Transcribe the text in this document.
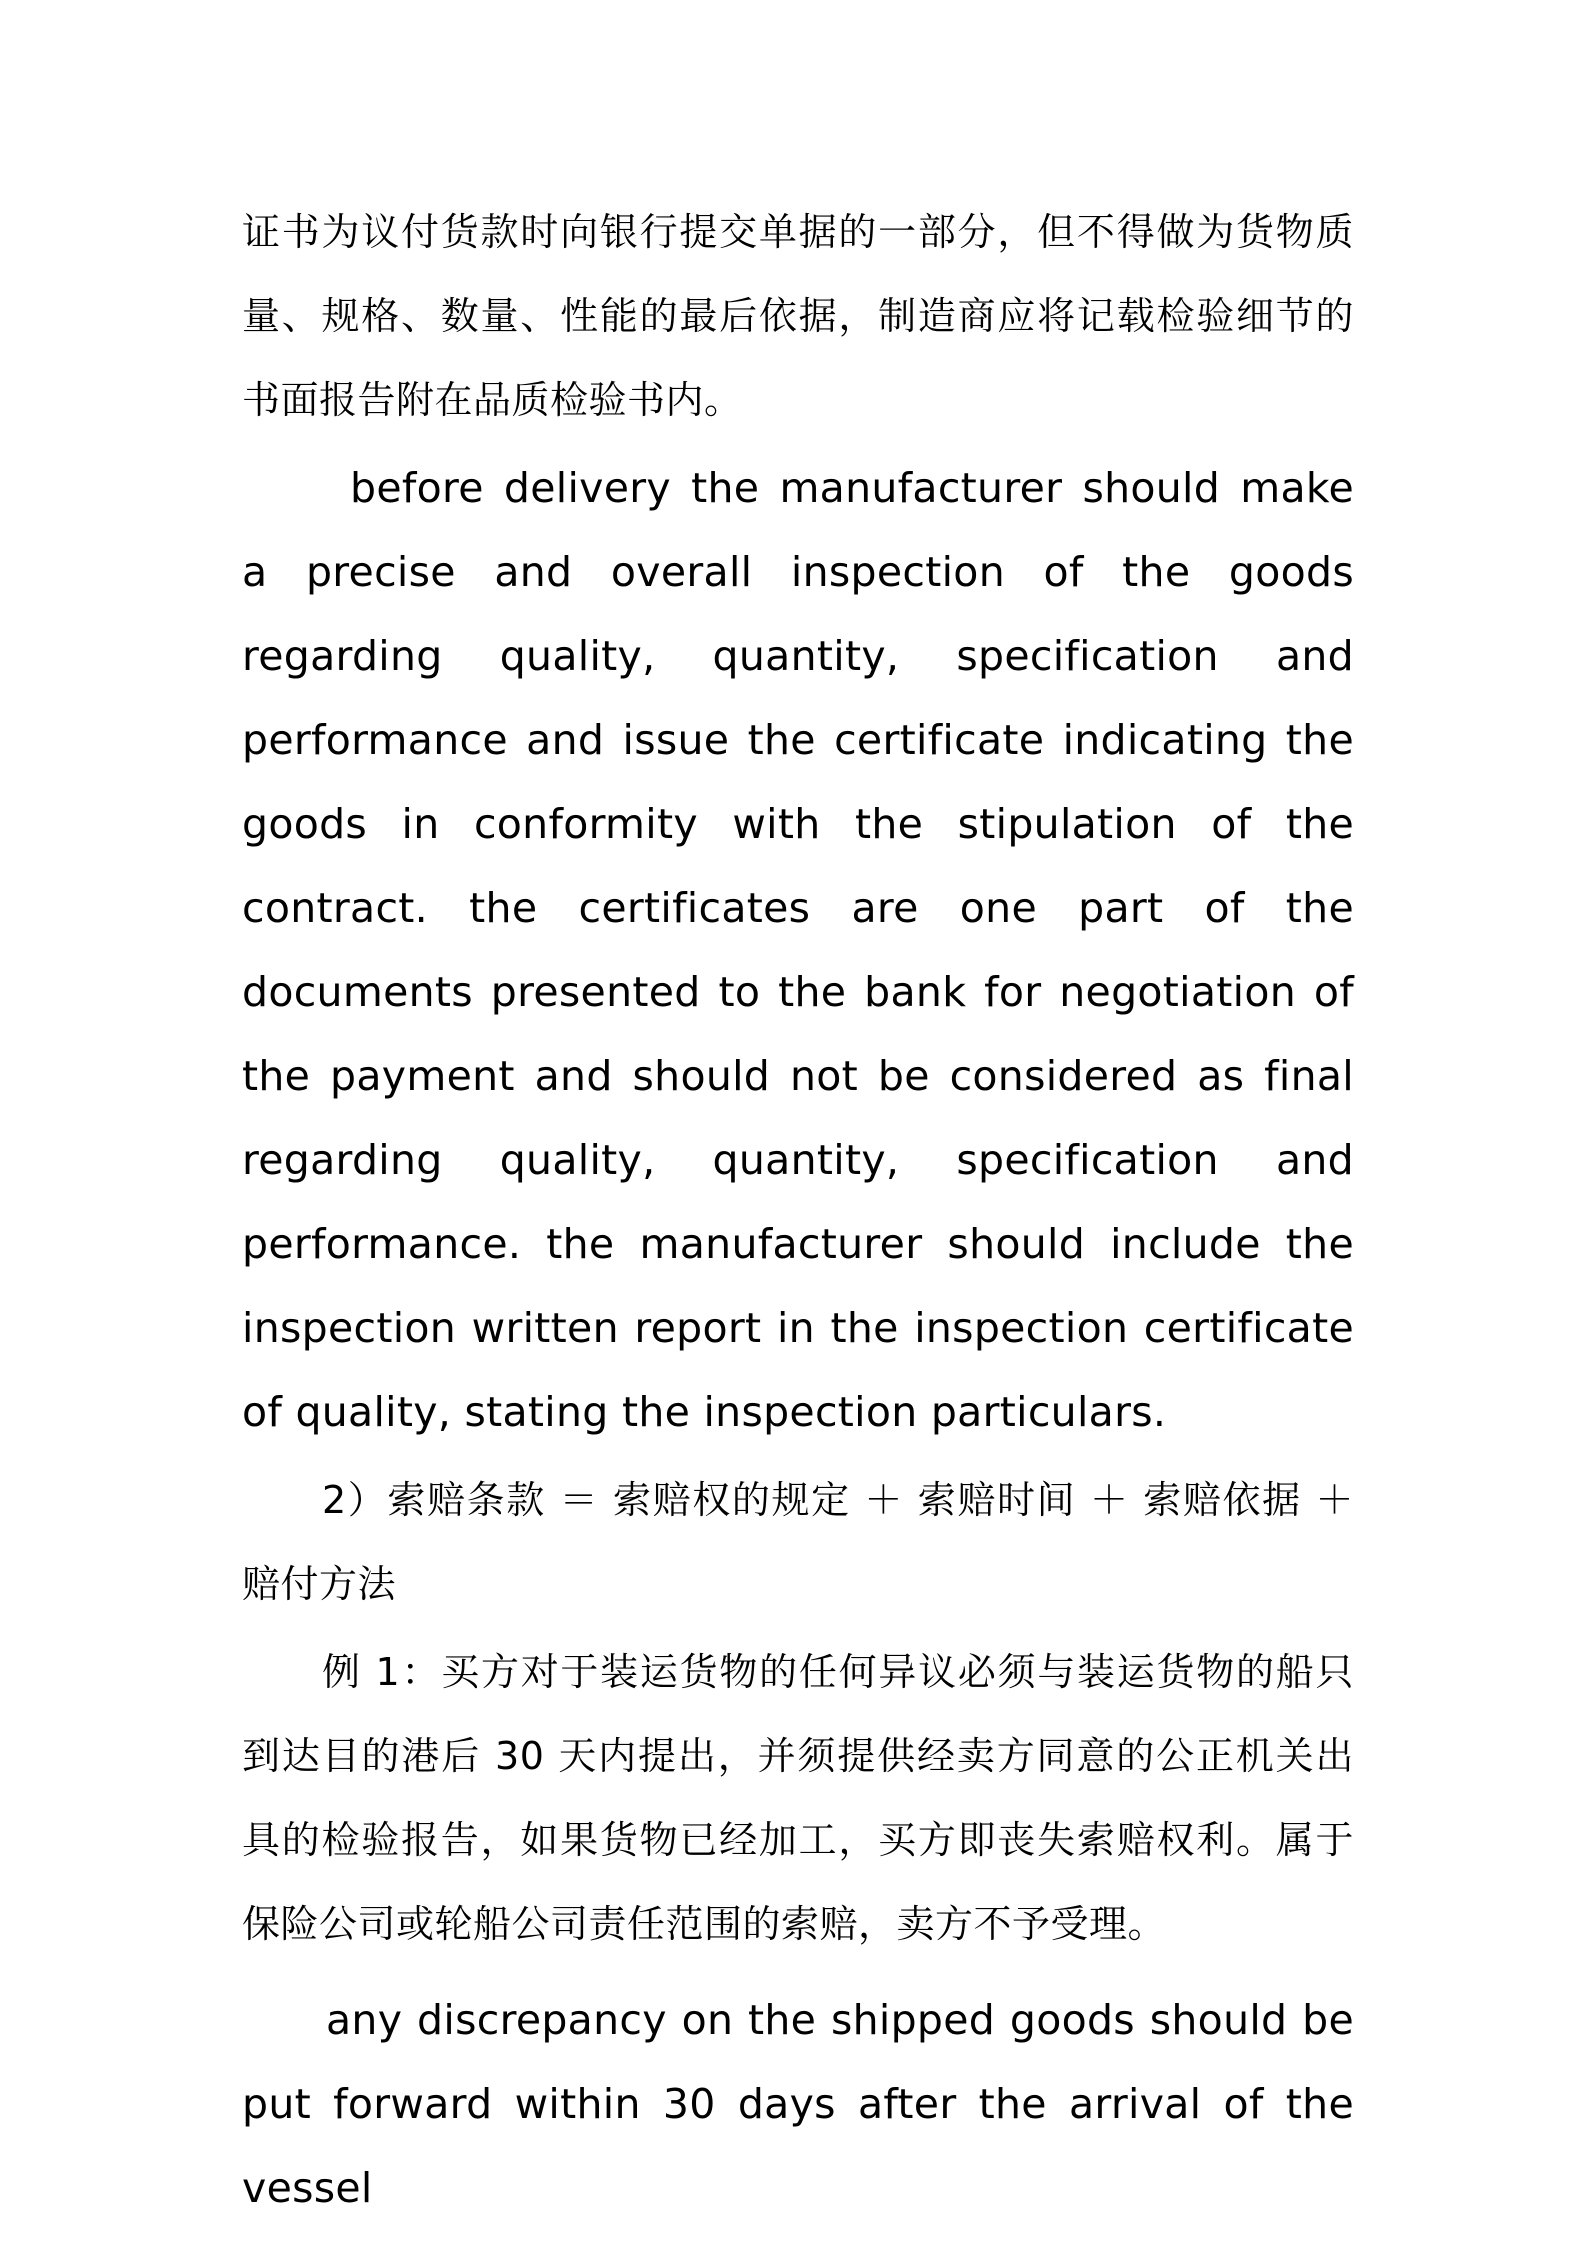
证书为议付货款时向银行提交单据的一部分，但不得做为货物质量、规格、数量、性能的最后依据，制造商应将记载检验细节的书面报告附在品质检验书内。

before delivery the manufacturer should make a precise and overall inspection of the goods regarding quality, quantity, specification and performance and issue the certificate indicating the goods in conformity with the stipulation of the contract. the certificates are one part of the documents presented to the bank for negotiation of the payment and should not be considered as final regarding quality, quantity, specification and performance. the manufacturer should include the inspection written report in the inspection certificate of quality, stating the inspection particulars.

2）索赔条款 ＝ 索赔权的规定 ＋ 索赔时间 ＋ 索赔依据 ＋ 赔付方法

例 1：买方对于装运货物的任何异议必须与装运货物的船只到达目的港后 30 天内提出，并须提供经卖方同意的公正机关出具的检验报告，如果货物已经加工，买方即丧失索赔权利。属于保险公司或轮船公司责任范围的索赔，卖方不予受理。

any discrepancy on the shipped goods should be put forward within 30 days after the arrival of the vessel
